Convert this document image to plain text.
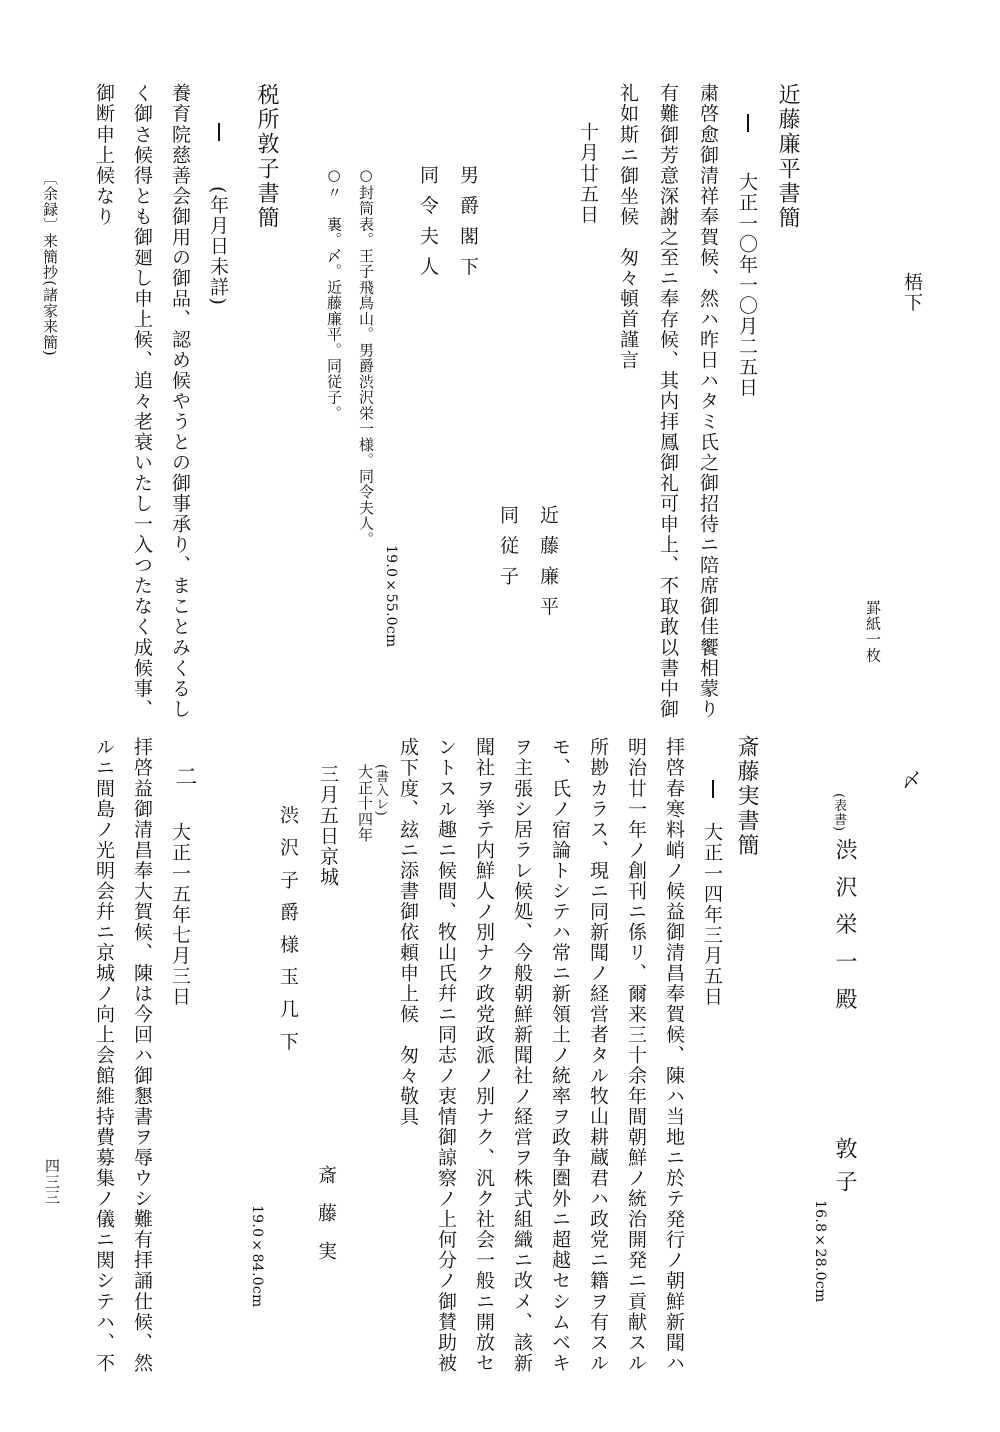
梧下
罫紙一枚
近藤廉平書簡
大正一〇年一〇月二五日
粛啓愈御清祥奉賀候、然ハ昨日ハタミ氏之御招待ニ陪席御佳饗相蒙り
有難御芳意深謝之至ニ奉存候、其内拝鳳御礼可申上、不取敢以書中御
礼如斯ニ御坐候　匆々頓首謹言
十月廿五日
近藤廉平
同従子
男爵閣下
同令夫人
19.0×55.0cm
○封筒表。王子飛鳥山。男爵渋沢栄一様。同令夫人。
○〃　裏。〆。近藤廉平。同従子。
税所敦子書簡
(年月日未詳)
養育院慈善会御用の御品、認め候やうとの御事承り、まことみくるし
く御さ候得とも御廻し申上候、追々老衰いたし一入つたなく成候事、
御断申上候なり
〔余録〕来簡抄(諸家来簡)
〆
(表書)
渋沢栄一殿
敦子
16.8×28.0cm
斎藤実書簡
大正一四年三月五日
拝啓春寒料峭ノ候益御清昌奉賀候、陳ハ当地ニ於テ発行ノ朝鮮新聞ハ
明治廿一年ノ創刊ニ係リ、爾来三十余年間朝鮮ノ統治開発ニ貢献スル
所尠カラス、現ニ同新聞ノ経営者タル牧山耕蔵君ハ政党ニ籍ヲ有スル
モ、氏ノ宿論トシテハ常ニ新領土ノ統率ヲ政争圏外ニ超越セシムベキ
ヲ主張シ居ラレ候処、今般朝鮮新聞社ノ経営ヲ株式組織ニ改メ、該新
聞社ヲ挙テ内鮮人ノ別ナク政党政派ノ別ナク、汎ク社会一般ニ開放セ
ントスル趣ニ候間、牧山氏幷ニ同志ノ衷情御諒察ノ上何分ノ御賛助被
成下度、玆ニ添書御依頼申上候　匆々敬具
(書入レ)
大正十四年
三月五日京城
渋沢子爵様玉几下
斎藤実
19.0×84.0cm
二
大正一五年七月三日
拝啓益御清昌奉大賀候、陳は今回ハ御懇書ヲ辱ウシ難有拝誦仕候、然
ルニ間島ノ光明会幷ニ京城ノ向上会館維持費募集ノ儀ニ関シテハ、不
四三三
